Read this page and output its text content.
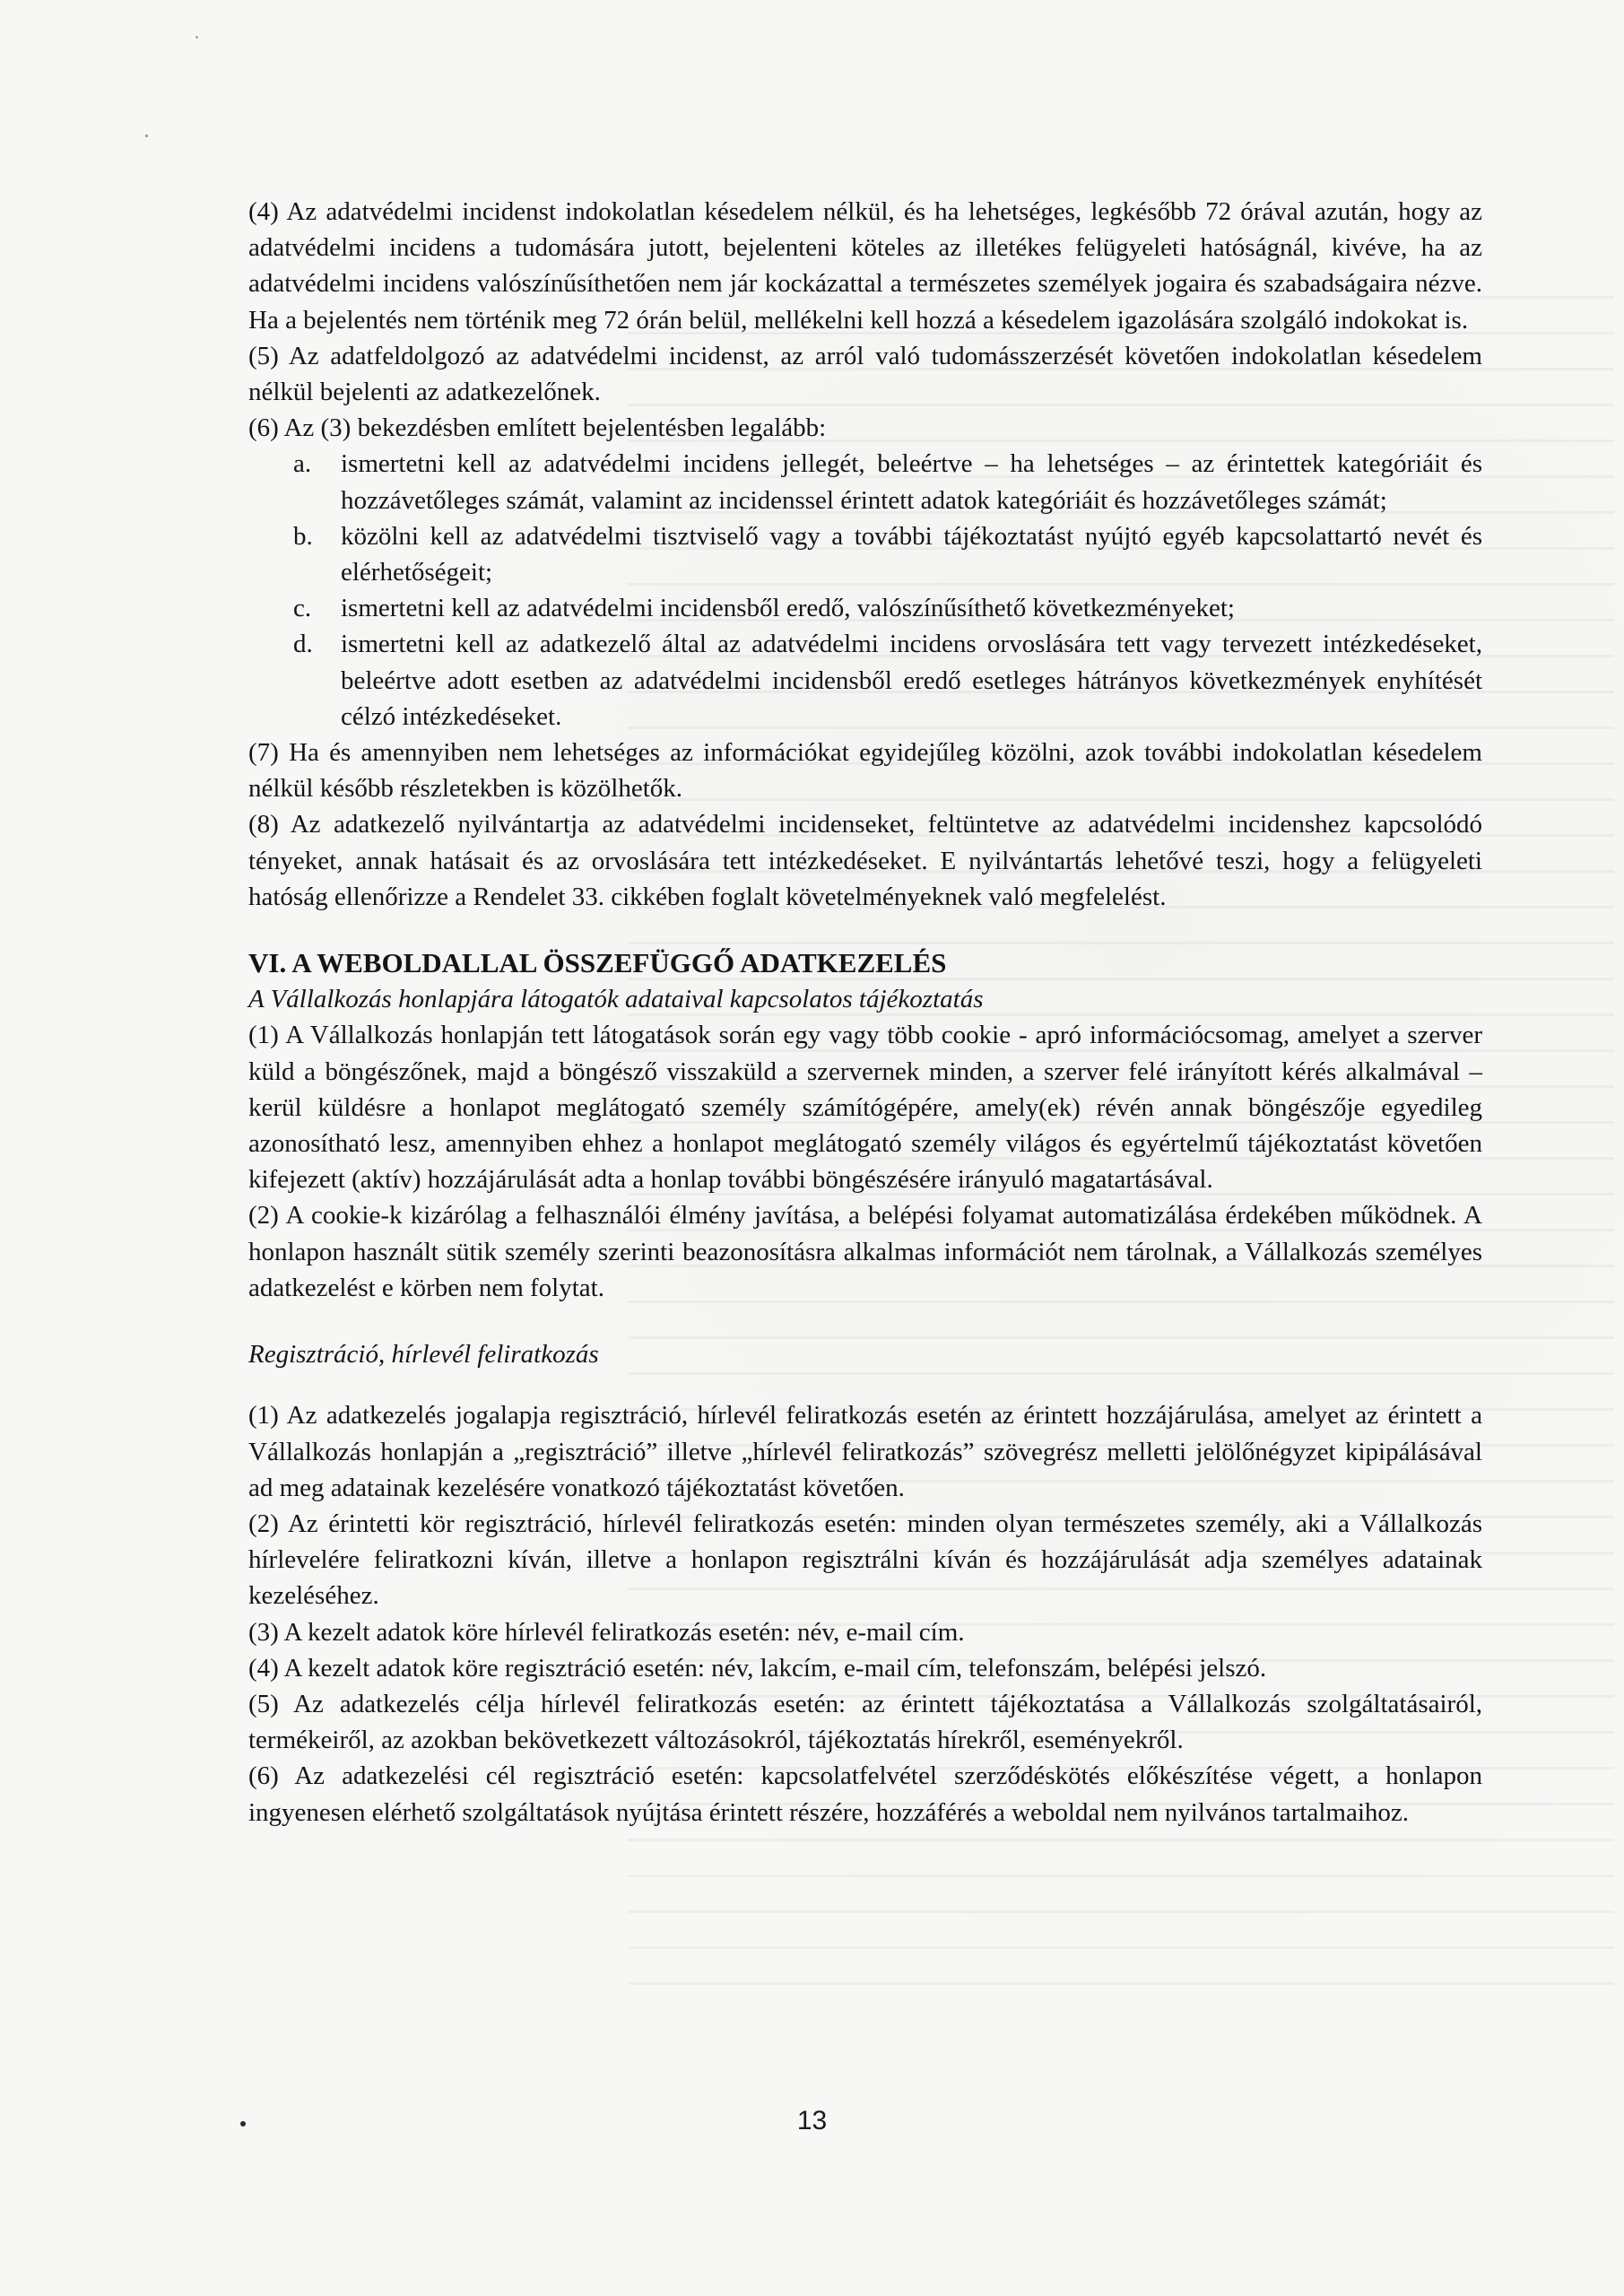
(4) Az adatvédelmi incidenst indokolatlan késedelem nélkül, és ha lehetséges, legkésőbb 72 órával azután, hogy az adatvédelmi incidens a tudomására jutott, bejelenteni köteles az illetékes felügyeleti hatóságnál, kivéve, ha az adatvédelmi incidens valószínűsíthetően nem jár kockázattal a természetes személyek jogaira és szabadságaira nézve. Ha a bejelentés nem történik meg 72 órán belül, mellékelni kell hozzá a késedelem igazolására szolgáló indokokat is.

(5) Az adatfeldolgozó az adatvédelmi incidenst, az arról való tudomásszerzését követően indokolatlan késedelem nélkül bejelenti az adatkezelőnek.

(6) Az (3) bekezdésben említett bejelentésben legalább:

a. ismertetni kell az adatvédelmi incidens jellegét, beleértve – ha lehetséges – az érintettek kategóriáit és hozzávetőleges számát, valamint az incidenssel érintett adatok kategóriáit és hozzávetőleges számát;
b. közölni kell az adatvédelmi tisztviselő vagy a további tájékoztatást nyújtó egyéb kapcsolattartó nevét és elérhetőségeit;
c. ismertetni kell az adatvédelmi incidensből eredő, valószínűsíthető következményeket;
d. ismertetni kell az adatkezelő által az adatvédelmi incidens orvoslására tett vagy tervezett intézkedéseket, beleértve adott esetben az adatvédelmi incidensből eredő esetleges hátrányos következmények enyhítését célzó intézkedéseket.

(7) Ha és amennyiben nem lehetséges az információkat egyidejűleg közölni, azok további indokolatlan késedelem nélkül később részletekben is közölhetők.

(8) Az adatkezelő nyilvántartja az adatvédelmi incidenseket, feltüntetve az adatvédelmi incidenshez kapcsolódó tényeket, annak hatásait és az orvoslására tett intézkedéseket. E nyilvántartás lehetővé teszi, hogy a felügyeleti hatóság ellenőrizze a Rendelet 33. cikkében foglalt követelményeknek való megfelelést.

VI. A WEBOLDALLAL ÖSSZEFÜGGŐ ADATKEZELÉS

A Vállalkozás honlapjára látogatók adataival kapcsolatos tájékoztatás

(1) A Vállalkozás honlapján tett látogatások során egy vagy több cookie - apró információcsomag, amelyet a szerver küld a böngészőnek, majd a böngésző visszaküld a szervernek minden, a szerver felé irányított kérés alkalmával – kerül küldésre a honlapot meglátogató személy számítógépére, amely(ek) révén annak böngészője egyedileg azonosítható lesz, amennyiben ehhez a honlapot meglátogató személy világos és egyértelmű tájékoztatást követően kifejezett (aktív) hozzájárulását adta a honlap további böngészésére irányuló magatartásával.

(2) A cookie-k kizárólag a felhasználói élmény javítása, a belépési folyamat automatizálása érdekében működnek. A honlapon használt sütik személy szerinti beazonosításra alkalmas információt nem tárolnak, a Vállalkozás személyes adatkezelést e körben nem folytat.

Regisztráció, hírlevél feliratkozás

(1) Az adatkezelés jogalapja regisztráció, hírlevél feliratkozás esetén az érintett hozzájárulása, amelyet az érintett a Vállalkozás honlapján a „regisztráció” illetve „hírlevél feliratkozás” szövegrész melletti jelölőnégyzet kipipálásával ad meg adatainak kezelésére vonatkozó tájékoztatást követően.

(2) Az érintetti kör regisztráció, hírlevél feliratkozás esetén: minden olyan természetes személy, aki a Vállalkozás hírlevelére feliratkozni kíván, illetve a honlapon regisztrálni kíván és hozzájárulását adja személyes adatainak kezeléséhez.

(3) A kezelt adatok köre hírlevél feliratkozás esetén: név, e-mail cím.

(4) A kezelt adatok köre regisztráció esetén: név, lakcím, e-mail cím, telefonszám, belépési jelszó.

(5) Az adatkezelés célja hírlevél feliratkozás esetén: az érintett tájékoztatása a Vállalkozás szolgáltatásairól, termékeiről, az azokban bekövetkezett változásokról, tájékoztatás hírekről, eseményekről.

(6) Az adatkezelési cél regisztráció esetén: kapcsolatfelvétel szerződéskötés előkészítése végett, a honlapon ingyenesen elérhető szolgáltatások nyújtása érintett részére, hozzáférés a weboldal nem nyilvános tartalmaihoz.

13
